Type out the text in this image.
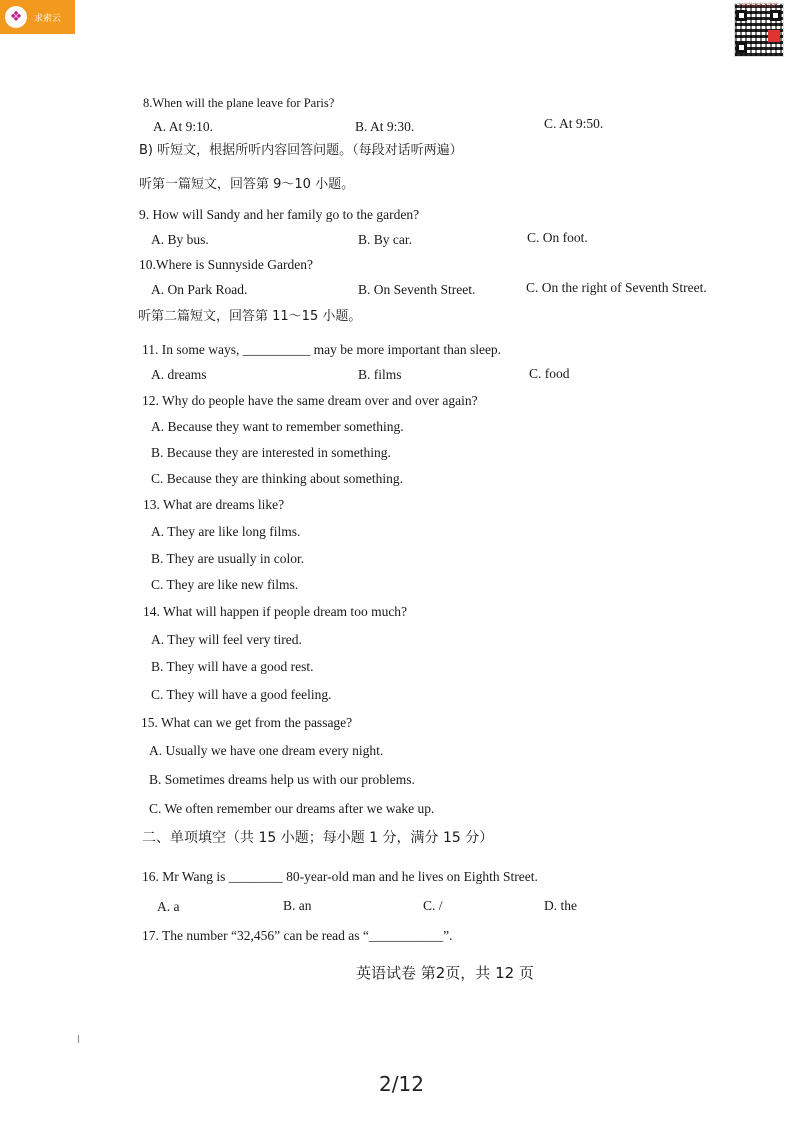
❖	求索云
扫码获取更多资料
8.When will the plane leave for Paris?
A. At 9:10.	B. At 9:30.	C. At 9:50.
B) 听短文，根据所听内容回答问题。（每段对话听两遍）
听第一篇短文，回答第 9～10 小题。
9. How will Sandy and her family go to the garden?
A. By bus.	B. By car.	C. On foot.
10.Where is Sunnyside Garden?
A. On Park Road.	B. On Seventh Street.	C. On the right of Seventh Street.
听第二篇短文，回答第 11～15 小题。
11. In some ways, __________ may be more important than sleep.
A. dreams	B. films	C. food
12. Why do people have the same dream over and over again?
A. Because they want to remember something.
B. Because they are interested in something.
C. Because they are thinking about something.
13. What are dreams like?
A. They are like long films.
B. They are usually in color.
C. They are like new films.
14. What will happen if people dream too much?
A. They will feel very tired.
B. They will have a good rest.
C. They will have a good feeling.
15. What can we get from the passage?
A. Usually we have one dream every night.
B. Sometimes dreams help us with our problems.
C. We often remember our dreams after we wake up.
二、单项填空（共 15 小题；每小题 1 分，满分 15 分）
16. Mr Wang is ________ 80-year-old man and he lives on Eighth Street.
A. a	B. an	C. /	D. the
17. The number “32,456” can be read as “___________”.
英语试卷 第2页，共 12 页
2/12
